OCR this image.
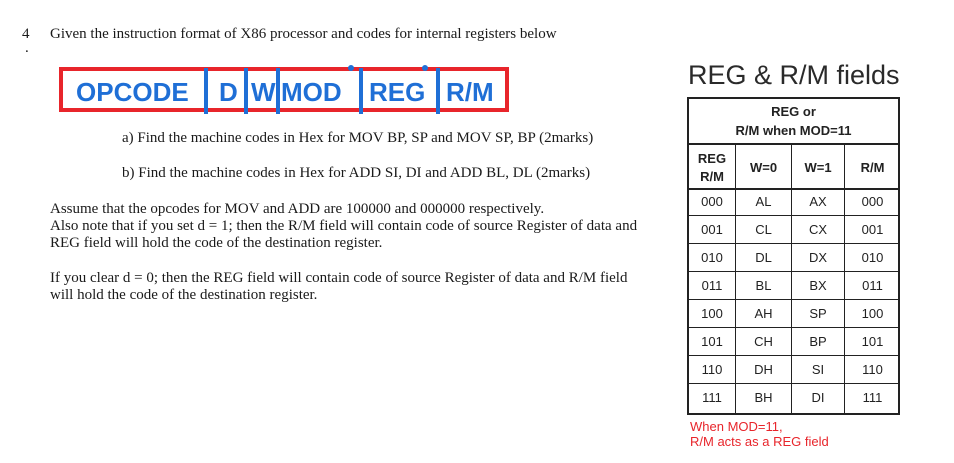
4
.
Given the instruction format of X86 processor and codes for internal registers below
OPCODE D W MOD REG R/M
a) Find the machine codes in Hex for MOV BP, SP and MOV SP, BP (2marks)
b) Find the machine codes in Hex for ADD SI, DI and ADD BL, DL (2marks)
Assume that the opcodes for MOV and ADD are 100000 and 000000 respectively.
Also note that if you set d = 1; then the R/M field will contain code of source Register of data and
REG field will hold the code of the destination register.
If you clear d = 0; then the REG field will contain code of source Register of data and R/M field
will hold the code of the destination register.
REG & R/M fields
REG or
R/M when MOD=11
REG
R/M
W=0	W=1	R/M
000	AL	AX	000
001	CL	CX	001
010	DL	DX	010
011	BL	BX	011
100	AH	SP	100
101	CH	BP	101
110	DH	SI	110
111	BH	DI	111
When MOD=11,
R/M acts as a REG field
